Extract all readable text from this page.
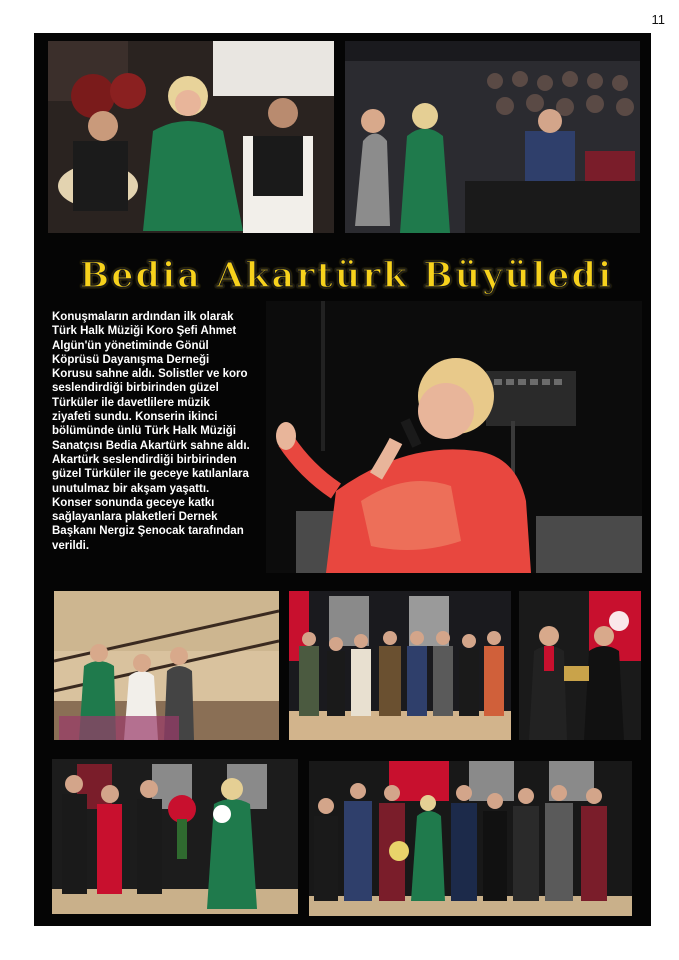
11
Bedia Akartürk Büyüledi

Konuşmaların ardından ilk olarak Türk Halk Müziği Koro Şefi Ahmet Algün'ün yönetiminde Gönül Köprüsü Dayanışma Derneği Korusu sahne aldı. Solistler ve koro seslendirdiği birbirinden güzel Türküler ile davetlilere müzik ziyafeti sundu. Konserin ikinci bölümünde ünlü Türk Halk Müziği Sanatçısı Bedia Akartürk sahne aldı. Akartürk seslendirdiği birbirinden güzel Türküler ile geceye katılanlara unutulmaz bir akşam yaşattı. Konser sonunda geceye katkı sağlayanlara plaketleri Dernek Başkanı Nergiz Şenocak tarafından verildi.
